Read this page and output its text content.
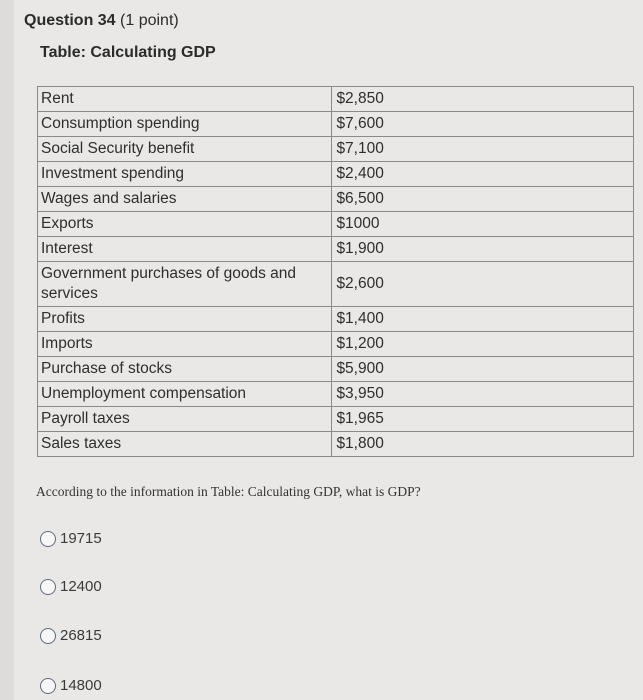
Question 34 (1 point)
Table: Calculating GDP
Rent		$2,850
Consumption spending		$7,600
Social Security benefit		$7,100
Investment spending		$2,400
Wages and salaries		$6,500
Exports		$1000
Interest		$1,900
Government purchases of goods and services		$2,600
Profits		$1,400
Imports		$1,200
Purchase of stocks		$5,900
Unemployment compensation		$3,950
Payroll taxes		$1,965
Sales taxes		$1,800

According to the information in Table: Calculating GDP, what is GDP?

19715
12400
26815
14800
